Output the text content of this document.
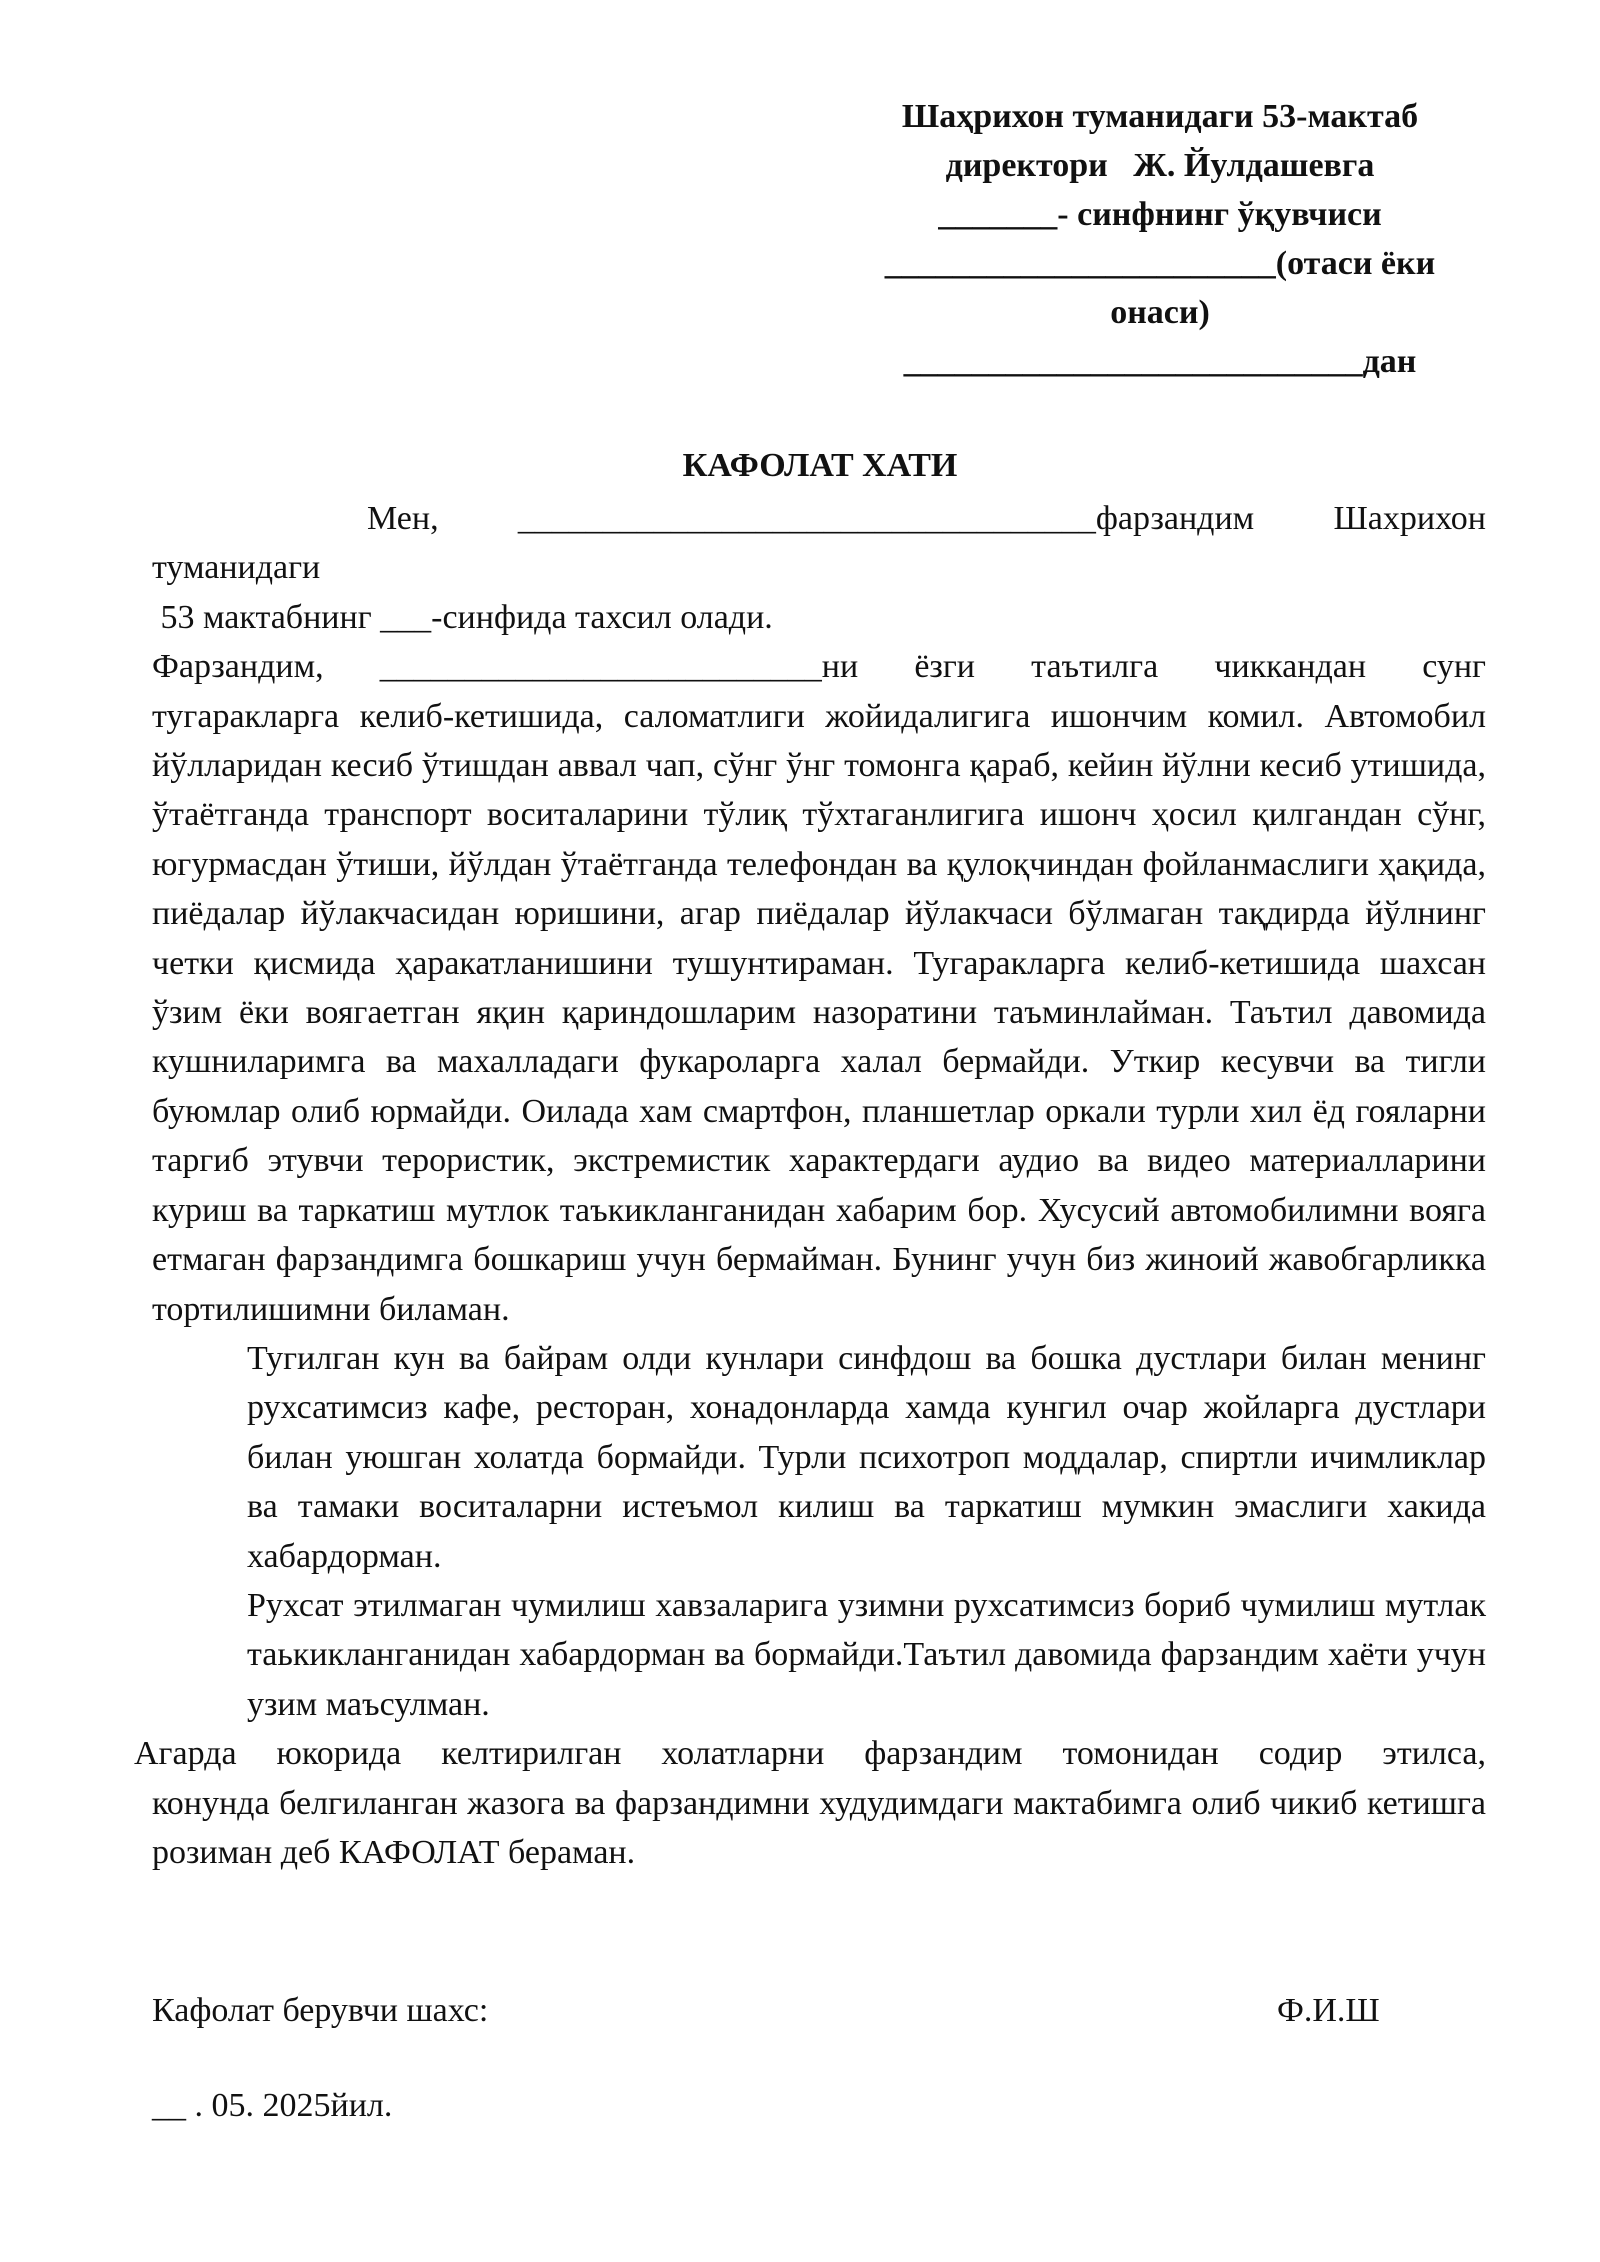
Шаҳрихон туманидаги 53-мактаб
директори   Ж. Йулдашевга
_______- синфнинг ўқувчиси
_______________________(отаси ёки
онаси)
___________________________дан
КАФОЛАТ ХАТИ
Мен, __________________________________фарзандим Шахрихон
туманидаги
53 мактабнинг ___-синфида тахсил олади.
Фарзандим, __________________________ни ёзги таътилга чиккандан сунг

тугаракларга келиб-кетишида, саломатлиги жойидалигига ишончим комил. Автомобил йўлларидан кесиб ўтишдан аввал чап, сўнг ўнг томонга қараб, кейин йўлни кесиб утишида, ўтаётганда транспорт воситаларини тўлиқ тўхтаганлигига ишонч ҳосил қилгандан сўнг, югурмасдан ўтиши, йўлдан ўтаётганда телефондан ва қулоқчиндан фойланмаслиги ҳақида, пиёдалар йўлакчасидан юришини, агар пиёдалар йўлакчаси бўлмаган тақдирда йўлнинг четки қисмида ҳаракатланишини тушунтираман. Тугаракларга келиб-кетишида шахсан ўзим ёки воягаетган яқин қариндошларим назоратини таъминлайман. Таътил давомида кушниларимга ва махалладаги фукароларга халал бермайди. Уткир кесувчи ва тигли буюмлар олиб юрмайди. Оилада хам смартфон, планшетлар оркали турли хил ёд гояларни таргиб этувчи терористик, экстремистик характердаги аудио ва видео материалларини куриш ва таркатиш мутлок таъкикланганидан хабарим бор. Хусусий автомобилимни вояга етмаган фарзандимга бошкариш учун бермайман. Бунинг учун биз жиноий жавобгарликка тортилишимни биламан.

Тугилган кун ва байрам олди кунлари синфдош ва бошка дустлари билан менинг рухсатимсиз кафе, ресторан, хонадонларда хамда кунгил очар жойларга дустлари билан уюшган холатда бормайди. Турли психотроп моддалар, спиртли ичимликлар ва тамаки воситаларни истеъмол килиш ва таркатиш мумкин эмаслиги хакида хабардорман.

Рухсат этилмаган чумилиш хавзаларига узимни рухсатимсиз бориб чумилиш мутлак таькикланганидан хабардорман ва бормайди.Таътил давомида фарзандим хаёти учун узим маъсулман.

Агарда юкорида келтирилган холатларни фарзандим томонидан содир этилса,

конунда белгиланган жазога ва фарзандимни худудимдаги мактабимга олиб чикиб кетишга розиман деб КАФОЛАТ бераман.

Кафолат берувчи шахс:	Ф.И.Ш
__ . 05. 2025йил.
